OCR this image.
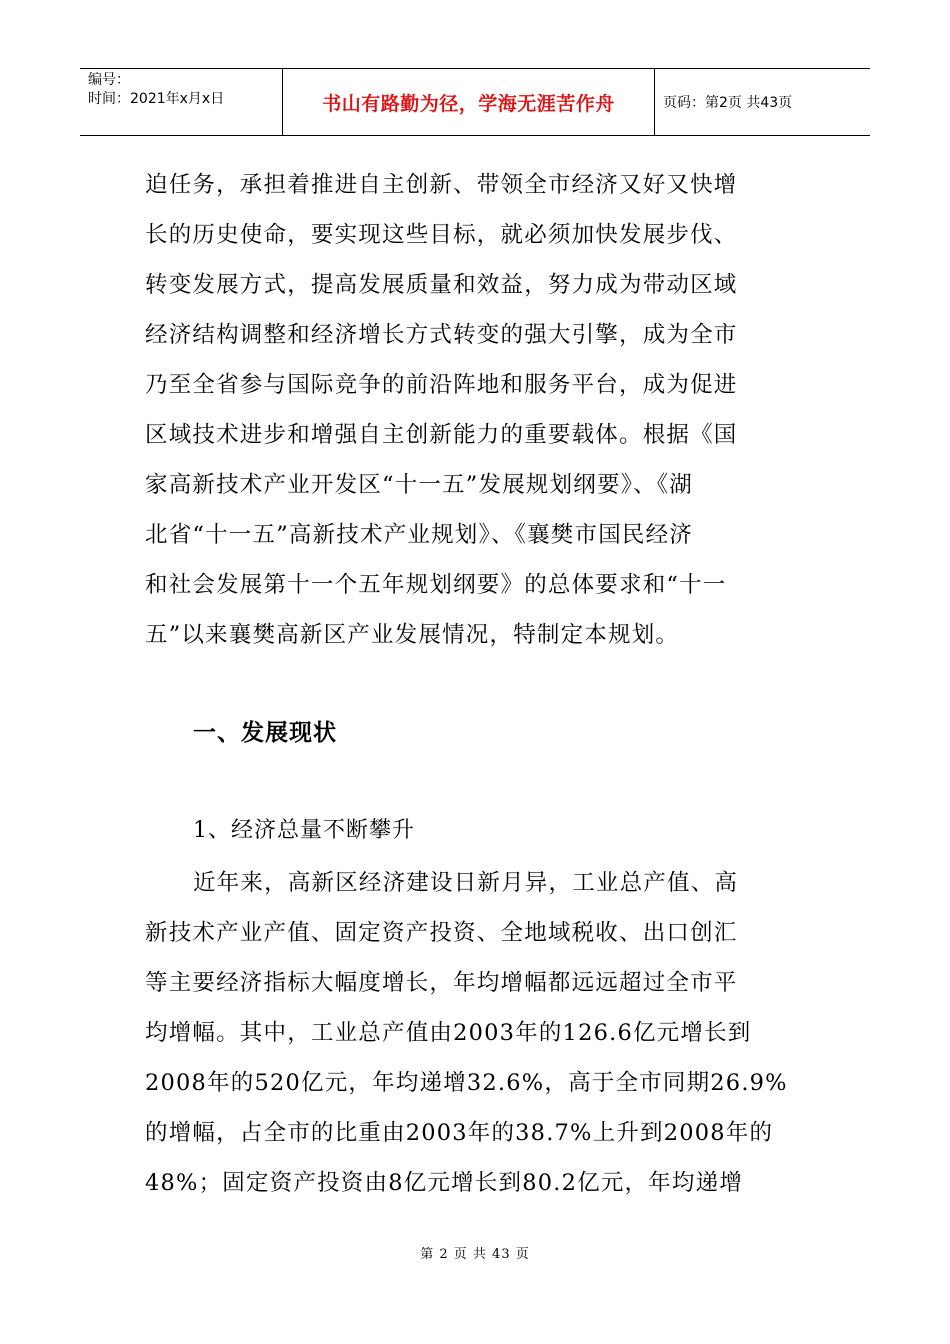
编号：
时间：2021年x月x日	书山有路勤为径，学海无涯苦作舟	页码：第2页 共43页
迫任务，承担着推进自主创新、带领全市经济又好又快增
长的历史使命，要实现这些目标，就必须加快发展步伐、
转变发展方式，提高发展质量和效益，努力成为带动区域
经济结构调整和经济增长方式转变的强大引擎，成为全市
乃至全省参与国际竞争的前沿阵地和服务平台，成为促进
区域技术进步和增强自主创新能力的重要载体。根据《国
家高新技术产业开发区“十一五”发展规划纲要》、《湖
北省“十一五”高新技术产业规划》、《襄樊市国民经济
和社会发展第十一个五年规划纲要》的总体要求和“十一
五”以来襄樊高新区产业发展情况，特制定本规划。
一、发展现状
1、经济总量不断攀升
近年来，高新区经济建设日新月异，工业总产值、高
新技术产业产值、固定资产投资、全地域税收、出口创汇
等主要经济指标大幅度增长，年均增幅都远远超过全市平
均增幅。其中，工业总产值由2003年的126.6亿元增长到
2008年的520亿元，年均递增32.6%，高于全市同期26.9%
的增幅，占全市的比重由2003年的38.7%上升到2008年的
48%；固定资产投资由8亿元增长到80.2亿元，年均递增
第 2 页 共 43 页
